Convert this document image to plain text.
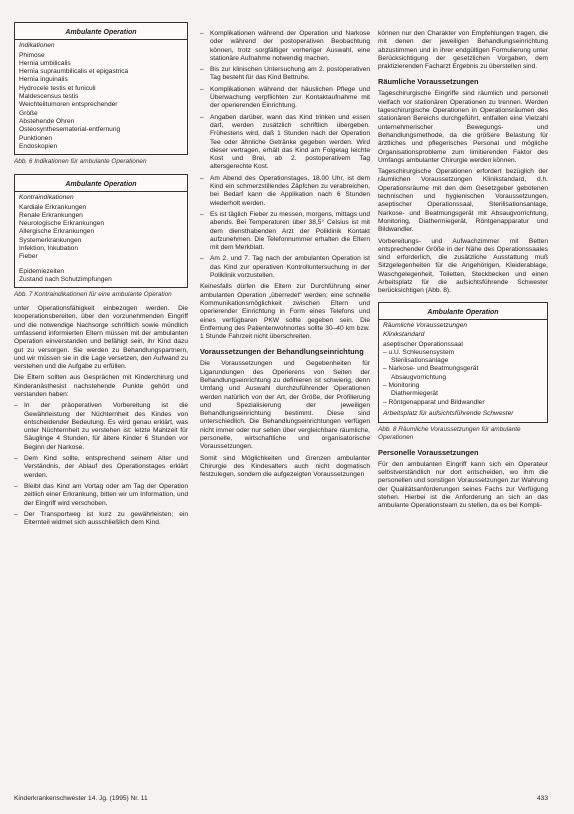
Ambulante Operation
Indikationen
Phimose
Hernia umbilicalis
Hernia supraumbilicalis et epigastrica
Hernia inguinalis
Hydrocele testis et funiculi
Maldescensus testis
Weichteiltumoren entsprechender
Größe
Abstehende Ohren
Osteosynthesematerial-entfernung
Punktionen
Endoskopien
Abb. 6 Indikationen für ambulante Operationen
Ambulante Operation
Kontraindikationen
Kardiale Erkrankungen
Renale Erkrankungen
Neurologische Erkrankungen
Allergische Erkrankungen
Systemerkrankungen
Infektion, Inkubation
Fieber
Epidemiezeiten
Zustand nach Schutzimpfungen
Abb. 7 Kontraindikationen für eine ambulante Operation

unter Operationsfähigkeit einbezogen werden. Die kooperationsbereiten, über den vorzunehmenden Eingriff und die notwendige Nachsorge schriftlich sowie mündlich umfassend informierten Eltern müssen mit der ambulanten Operation einverstanden und befähigt sein, ihr Kind dazu gut zu versorgen. Sie werden zu Behandlungspartnern, und wir müssen sie in die Lage versetzen, den Aufwand zu verstehen und die Aufgabe zu erfüllen.

Die Eltern sollten aus Gesprächen mit Kinderchirurg und Kinderanästhesist nachstehende Punkte gehört und verstanden haben:

– In der präoperativen Vorbereitung ist die Gewährleistung der Nüchternheit des Kindes von entscheidender Bedeutung. Es wird genau erklärt, was unter Nüchternheit zu verstehen ist: letzte Mahlzeit für Säuglinge 4 Stunden, für ältere Kinder 6 Stunden vor Beginn der Narkose.
– Dem Kind sollte, entsprechend seinem Alter und Verständnis, der Ablauf des Operationstages erklärt werden.
– Bleibt das Kind am Vortag oder am Tag der Operation zeitlich einer Erkrankung, bitten wir um Information, und der Eingriff wird verschoben.
– Der Transportweg ist kurz zu gewährleisten; ein Elternteil widmet sich ausschließlich dem Kind.
– Komplikationen während der Operation und Narkose oder während der postoperativen Beobachtung können, trotz sorgfältiger vorheriger Auswahl, eine stationäre Aufnahme notwendig machen.
– Bis zur klinischen Untersuchung am 2. postoperativen Tag besteht für das Kind Bettruhe.
– Komplikationen während der häuslichen Pflege und Überwachung verpflichten zur Kontaktaufnahme mit der operierenden Einrichtung.
– Angaben darüber, wann das Kind trinken und essen darf, werden zusätzlich schriftlich übergeben. Frühestens wird, daß 1 Stunden nach der Operation Tee oder ähnliche Getränke gegeben werden. Wird dieser vertragen, erhält das Kind am Folgetag leichte Kost und Brei, ab 2. postoperativem Tag altersgerechte Kost.
– Am Abend des Operationstages, 18.00 Uhr, ist dem Kind ein schmerzstillendes Zäpfchen zu verabreichen, bei Bedarf kann die Applikation nach 6 Stunden wiederholt werden.
– Es ist täglich Fieber zu messen, morgens, mittags und abends. Bei Temperaturen über 38,5° Celsius ist mit dem diensthabenden Arzt der Poliklinik Kontakt aufzunehmen. Die Telefonnummer erhalten die Eltern mit dem Merkblatt.
– Am 2. und 7. Tag nach der ambulanten Operation ist das Kind zur operativen Kontrolluntersuchung in der Poliklinik vorzustellen.

Keinesfalls dürfen die Eltern zur Durchführung einer ambulanten Operation „überredet“ werden; eine schnelle Kommunikationsmöglichkeit zwischen Eltern und operierender Einrichtung in Form eines Telefons und eines verfügbaren PKW sollte gegeben sein. Die Entfernung des Patientenwohnortes sollte 30–40 km bzw. 1 Stunde Fahrzeit nicht überschreiten.

Voraussetzungen der Behandlungseinrichtung

Die Voraussetzungen und Gegebenheiten für Ligarundungen des Operierens von Seiten der Behandlungseinrichtung zu definieren ist schwierig, denn Umfang und Auswahl durchzuführender Operationen werden natürlich von der Art, der Größe, der Profilierung und Spezialisierung der jeweiligen Behandlungseinrichtung bestimmt. Diese sind unterschiedlich. Die Behandlungseinrichtungen verfügen nicht immer oder nur selten über vergleichbare räumliche, personelle, wirtschaftliche und organisatorische Voraussetzungen.

Somit sind Möglichkeiten und Grenzen ambulanter Chirurgie des Kindesalters auch nicht dogmatisch festzulegen, sondern die aufgezeigten Voraussetzungen

können nur den Charakter von Empfehlungen tragen, die mit denen der jeweiligen Behandlungseinrichtung abzustimmen und in ihrer endgültigen Formulierung unter Berücksichtigung der gesetzlichen Vorgaben, dem praktizierenden Facharzt Ergebnis zu überstellen sind.

Räumliche Voraussetzungen

Tageschirurgische Eingriffe sind räumlich und personell vielfach vor stationären Operationen zu trennen. Werden tageschirurgische Operationen in Operationsräumen des stationären Bereichs durchgeführt, entfallen eine Vielzahl unternehmerischer Bewegungs- und Behandlungsmethode, da die größere Belastung für ärztliches und pflegerisches Personal und mögliche Organisationsprobleme zum limitierenden Faktor des Umfangs ambulanter Chirurgie werden können.

Tageschirurgische Operationen erfordert bezüglich der räumlichen Voraussetzungen Klinikstandard, d.h. Operationsräume mit den dem Gesetzgeber gebotenen technischen und hygienischen Voraussetzungen, aseptischer Operationssaal, Sterilisationsanlage, Narkose- und Beatmungsgerät mit Absaugvorrichtung, Monitoring, Diathermiegerät, Röntgenapparatur und Bildwandler.

Vorbereitungs- und Aufwachzimmer mit Betten entsprechender Größe in der Nähe des Operationssaales sind erforderlich, die zusätzliche Ausstattung muß Sitzgelegenheiten für die Angehörigen, Kleiderablage, Waschgelegenheit, Toiletten, Steckbecken und einen Arbeitsplatz für die aufsichtsführende Schwester berücksichtigen (Abb. 8).

Ambulante Operation
Räumliche Voraussetzungen
Klinikstandard
aseptischer Operationssaal
– u.U. Schleusensystem
Sterilisationsanlage
– Narkose- und Beatmungsgerät
Absaugvorrichtung
– Monitoring
Diathermiegerät
– Röntgenapparat und Bildwandler
Arbeitsplatz für aufsichtsführende Schwester
Abb. 8 Räumliche Voraussetzungen für ambulante Operationen
Personelle Voraussetzungen

Für den ambulanten Eingriff kann sich ein Operateur selbstverständlich nur dort entscheiden, wo ihm die personellen und sonstigen Voraussetzungen zur Wahrung der Qualitätsanforderungen seines Fachs zur Verfügung stehen. Hierbei ist die Anforderung an sich an das ambulante Operationsteam zu stellen, da es bei Kompli-

Kinderkrankenschwester 14. Jg. (1995) Nr. 11	433
